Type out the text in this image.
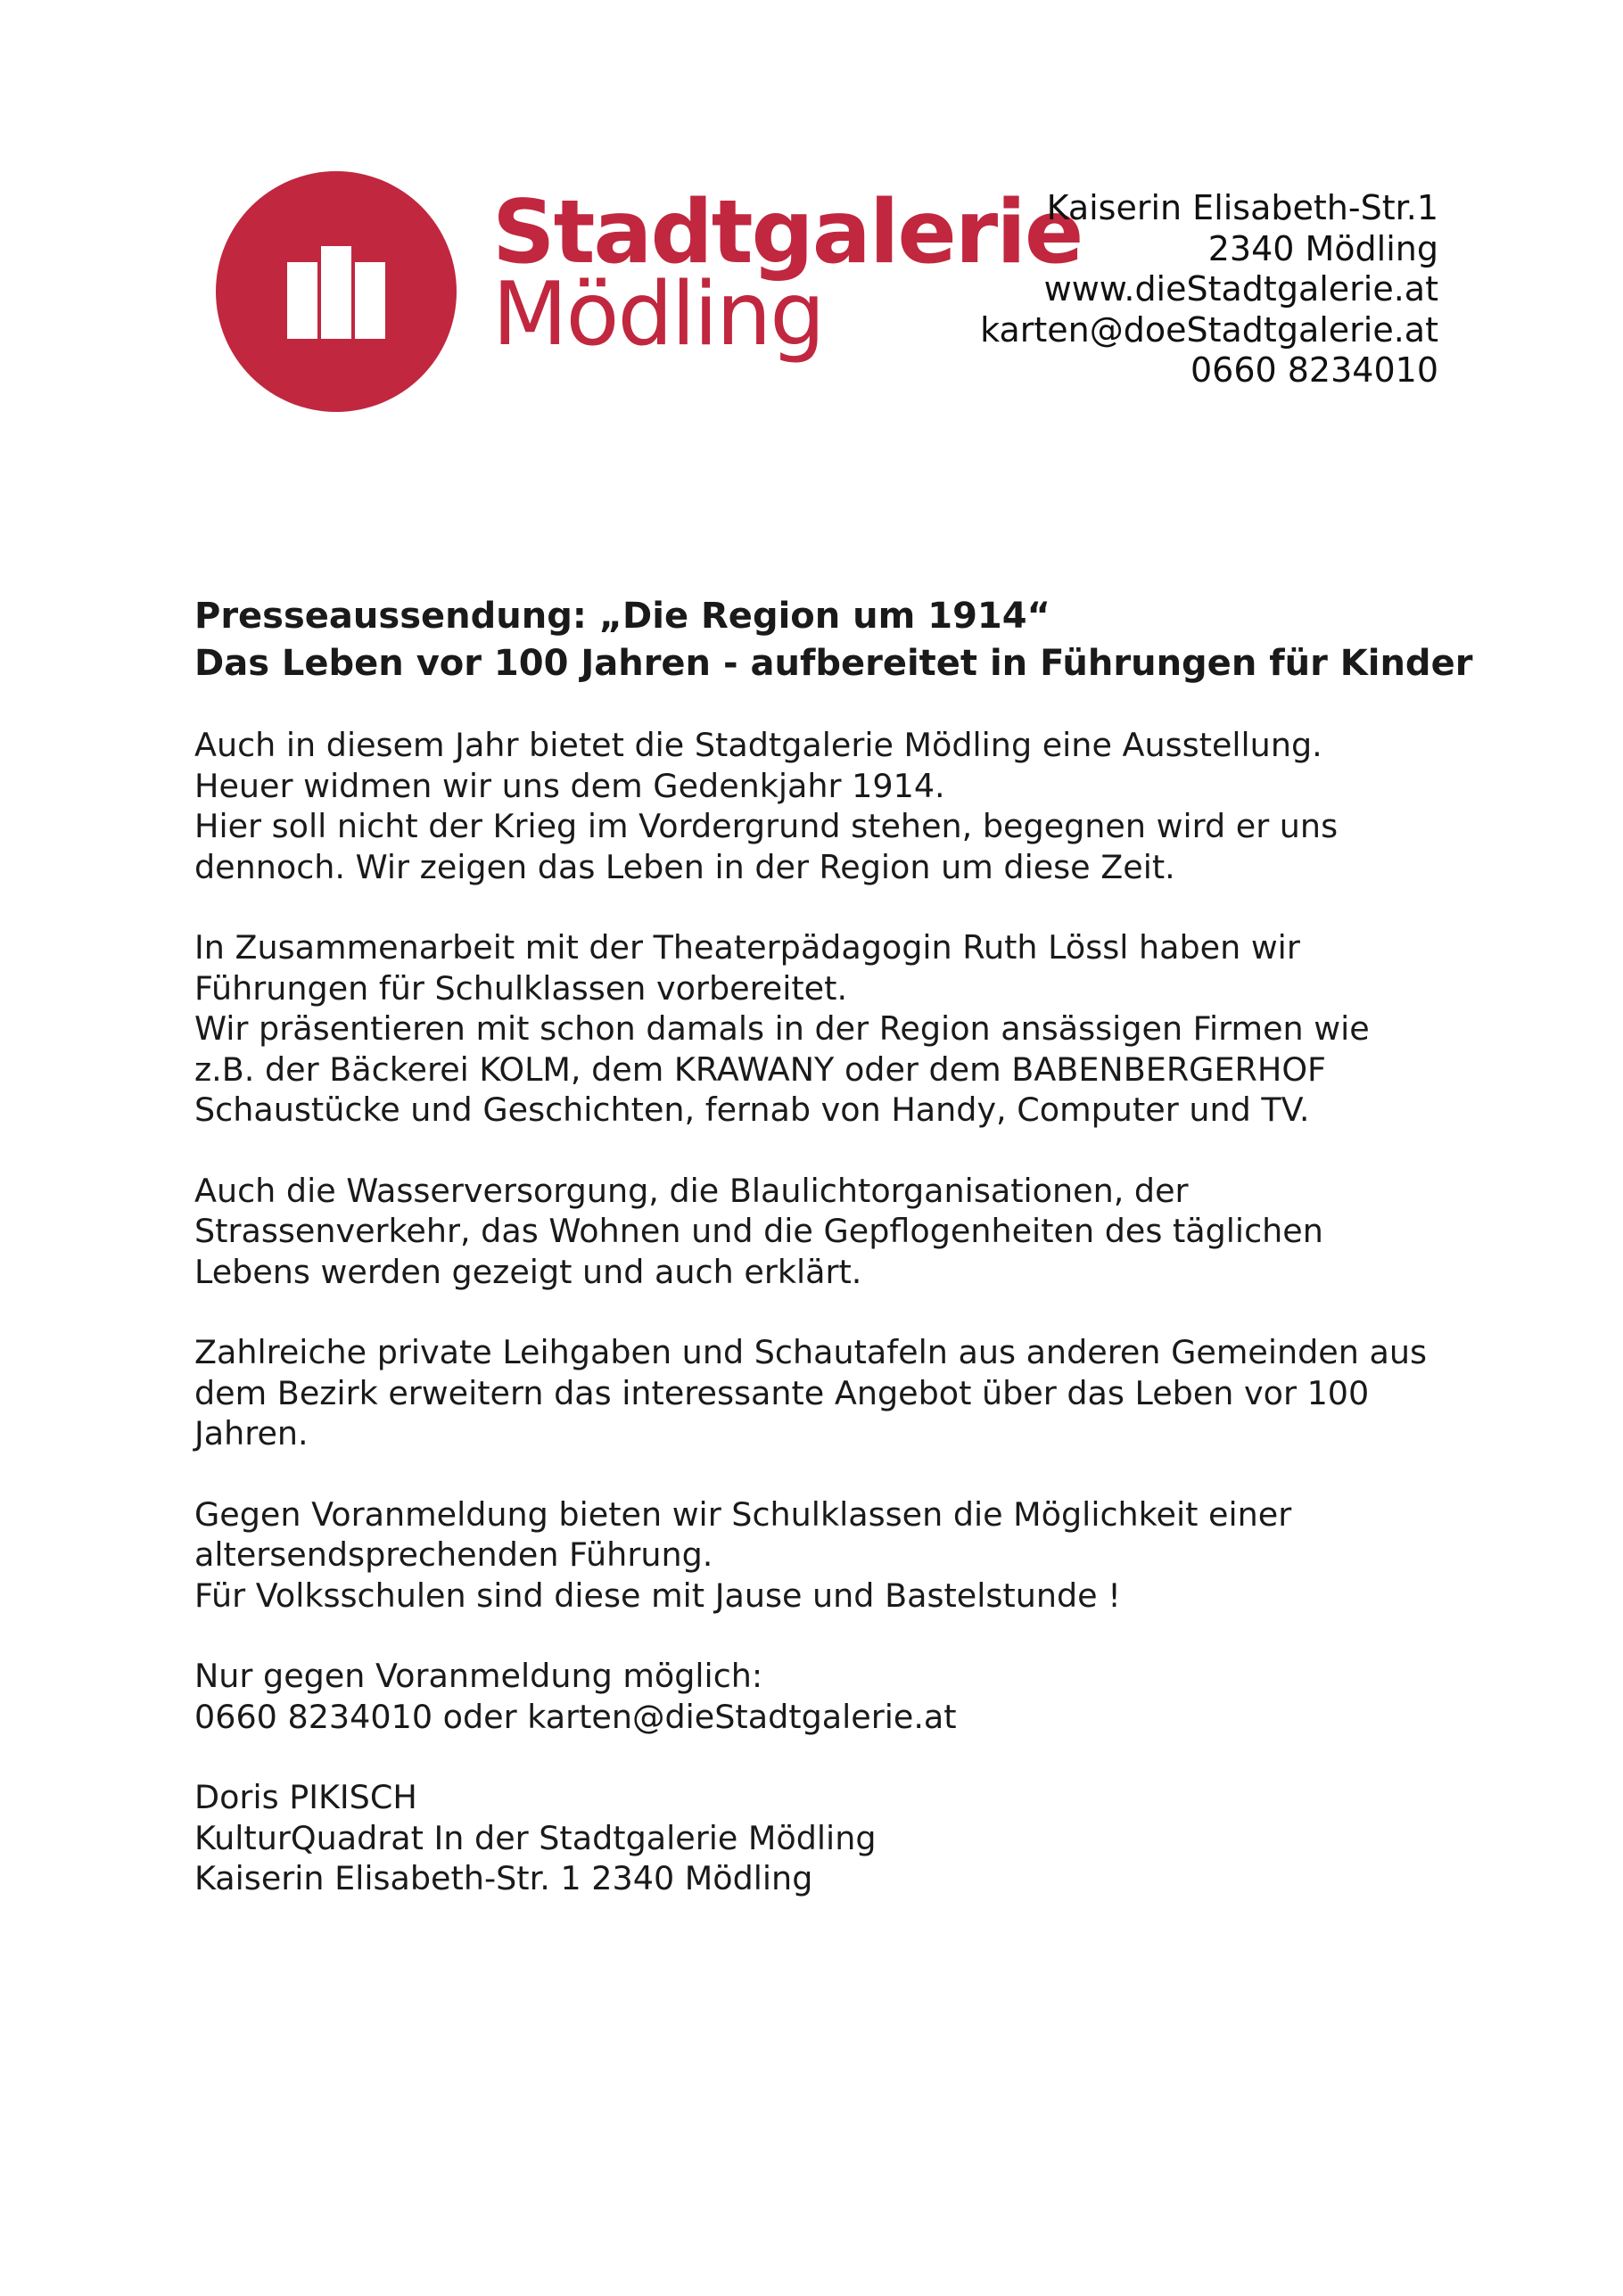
Stadtgalerie
Mödling
Kaiserin Elisabeth-Str.1
2340 Mödling
www.dieStadtgalerie.at
karten@doeStadtgalerie.at
0660 8234010
Presseaussendung: „Die Region um 1914“
Das Leben vor 100 Jahren - aufbereitet in Führungen für Kinder
Auch in diesem Jahr bietet die Stadtgalerie Mödling eine Ausstellung.
Heuer widmen wir uns dem Gedenkjahr 1914.
Hier soll nicht der Krieg im Vordergrund stehen, begegnen wird er uns
dennoch. Wir zeigen das Leben in der Region um diese Zeit.
In Zusammenarbeit mit der Theaterpädagogin Ruth Lössl haben wir
Führungen für Schulklassen vorbereitet.
Wir präsentieren mit schon damals in der Region ansässigen Firmen wie
z.B. der Bäckerei KOLM, dem KRAWANY oder dem BABENBERGERHOF
Schaustücke und Geschichten, fernab von Handy, Computer und TV.
Auch die Wasserversorgung, die Blaulichtorganisationen, der
Strassenverkehr, das Wohnen und die Gepflogenheiten des täglichen
Lebens werden gezeigt und auch erklärt.
Zahlreiche private Leihgaben und Schautafeln aus anderen Gemeinden aus
dem Bezirk erweitern das interessante Angebot über das Leben vor 100
Jahren.
Gegen Voranmeldung bieten wir Schulklassen die Möglichkeit einer
altersendsprechenden Führung.
Für Volksschulen sind diese mit Jause und Bastelstunde !
Nur gegen Voranmeldung möglich:
0660 8234010 oder karten@dieStadtgalerie.at
Doris PIKISCH
KulturQuadrat In der Stadtgalerie Mödling
Kaiserin Elisabeth-Str. 1 2340 Mödling
